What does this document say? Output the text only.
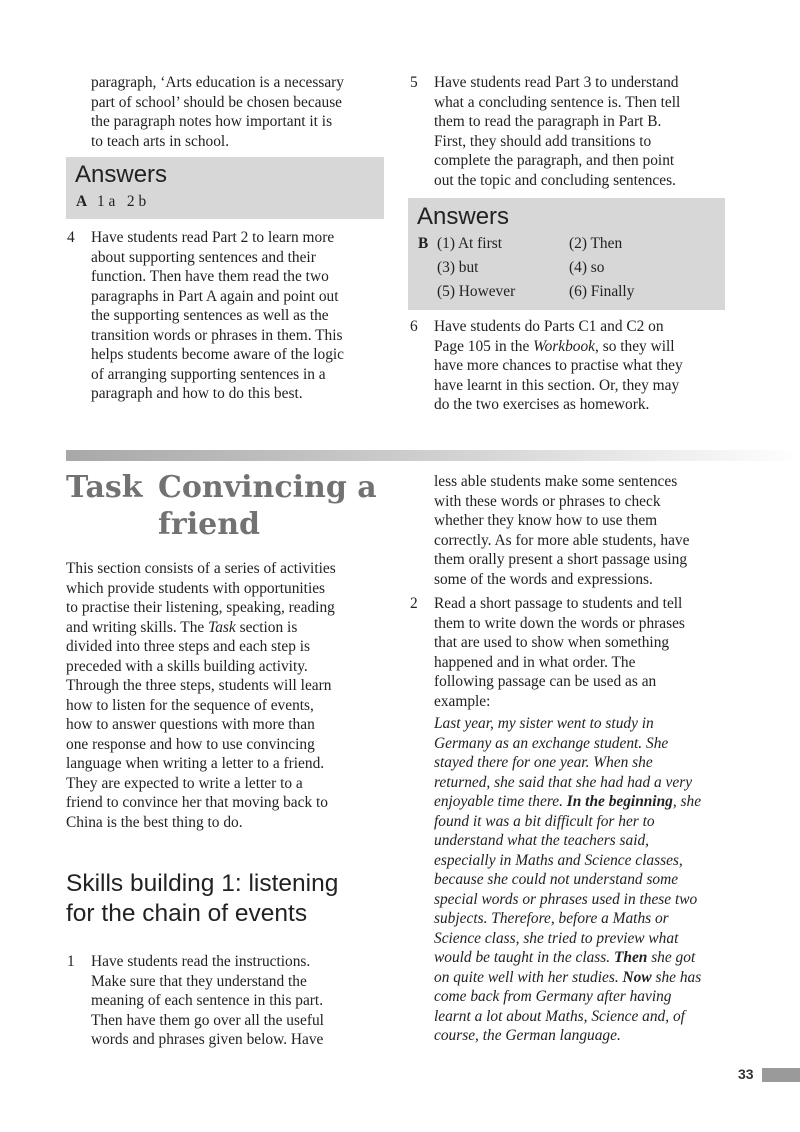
paragraph, ‘Arts education is a necessary

part of school’ should be chosen because

the paragraph notes how important it is

to teach arts in school.

Answers
A 1 a   2 b
4 Have students read Part 2 to learn more

about supporting sentences and their

function. Then have them read the two

paragraphs in Part A again and point out

the supporting sentences as well as the

transition words or phrases in them. This

helps students become aware of the logic

of arranging supporting sentences in a

paragraph and how to do this best.

5 Have students read Part 3 to understand

what a concluding sentence is. Then tell

them to read the paragraph in Part B.

First, they should add transitions to

complete the paragraph, and then point

out the topic and concluding sentences.

Answers
B (1) At first	(2) Then
(3) but	(4) so
(5) However	(6) Finally
6 Have students do Parts C1 and C2 on

Page 105 in the Workbook, so they will

have more chances to practise what they

have learnt in this section. Or, they may

do the two exercises as homework.

Task Convincing a
friend

This section consists of a series of activities

which provide students with opportunities

to practise their listening, speaking, reading

and writing skills. The Task section is

divided into three steps and each step is

preceded with a skills building activity.

Through the three steps, students will learn

how to listen for the sequence of events,

how to answer questions with more than

one response and how to use convincing

language when writing a letter to a friend.

They are expected to write a letter to a

friend to convince her that moving back to

China is the best thing to do.

Skills building 1: listening
for the chain of events
1 Have students read the instructions.

Make sure that they understand the

meaning of each sentence in this part.

Then have them go over all the useful

words and phrases given below. Have

less able students make some sentences

with these words or phrases to check

whether they know how to use them

correctly. As for more able students, have

them orally present a short passage using

some of the words and expressions.

2 Read a short passage to students and tell

them to write down the words or phrases

that are used to show when something

happened and in what order. The

following passage can be used as an

example:

Last year, my sister went to study in

Germany as an exchange student. She

stayed there for one year. When she

returned, she said that she had had a very

enjoyable time there. In the beginning, she

found it was a bit difficult for her to

understand what the teachers said,

especially in Maths and Science classes,

because she could not understand some

special words or phrases used in these two

subjects. Therefore, before a Maths or

Science class, she tried to preview what

would be taught in the class. Then she got

on quite well with her studies. Now she has

come back from Germany after having

learnt a lot about Maths, Science and, of

course, the German language.

33
